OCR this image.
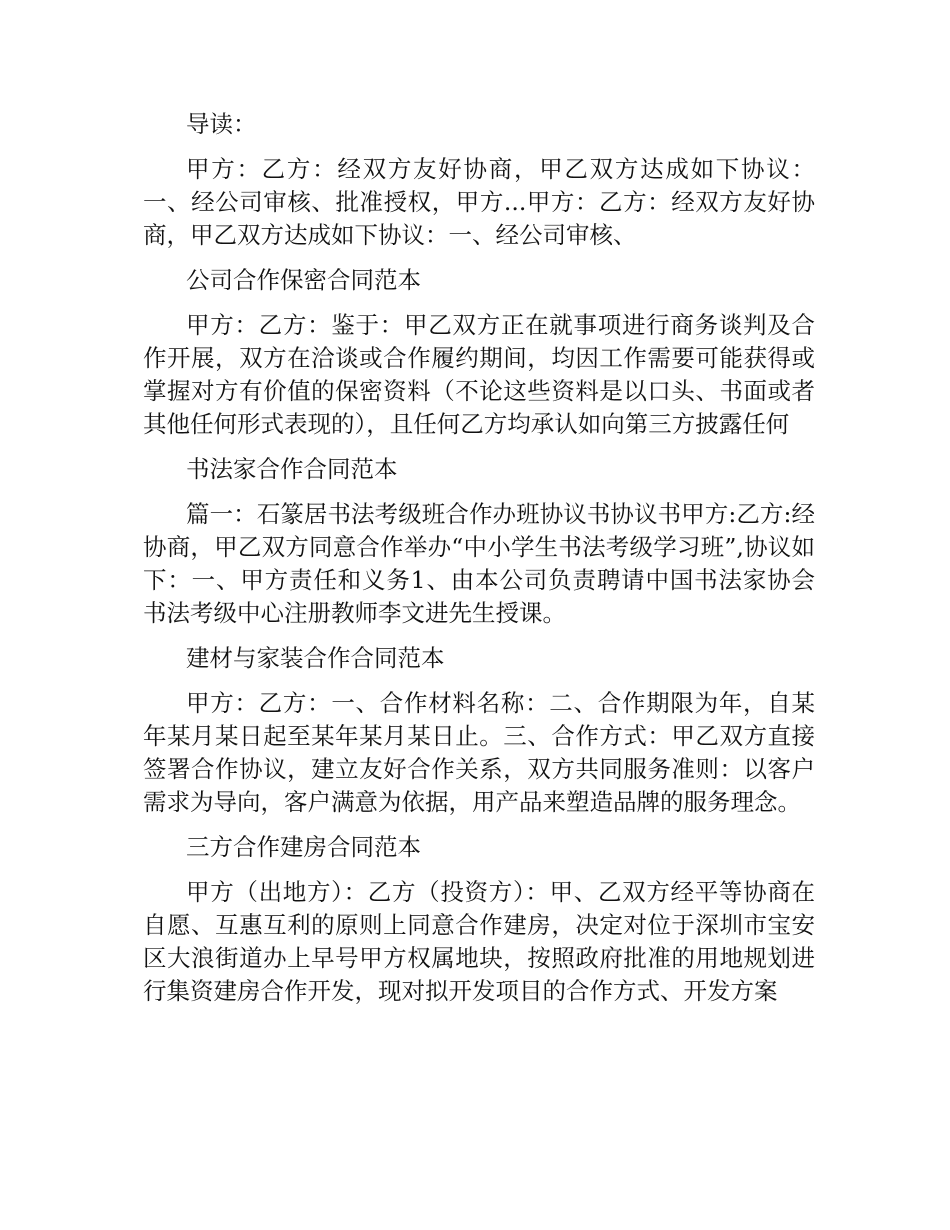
导读：

甲方：乙方：经双方友好协商，甲乙双方达成如下协议：一、经公司审核、批准授权，甲方...甲方：乙方：经双方友好协商，甲乙双方达成如下协议：一、经公司审核、

公司合作保密合同范本

甲方：乙方：鉴于：甲乙双方正在就事项进行商务谈判及合作开展，双方在洽谈或合作履约期间，均因工作需要可能获得或掌握对方有价值的保密资料（不论这些资料是以口头、书面或者其他任何形式表现的），且任何乙方均承认如向第三方披露任何

书法家合作合同范本

篇一：石篆居书法考级班合作办班协议书协议书甲方:乙方:经协商，甲乙双方同意合作举办“中小学生书法考级学习班”,协议如下：一、甲方责任和义务1、由本公司负责聘请中国书法家协会书法考级中心注册教师李文进先生授课。

建材与家装合作合同范本

甲方：乙方：一、合作材料名称：二、合作期限为年，自某年某月某日起至某年某月某日止。三、合作方式：甲乙双方直接签署合作协议，建立友好合作关系，双方共同服务准则：以客户需求为导向，客户满意为依据，用产品来塑造品牌的服务理念。

三方合作建房合同范本

甲方（出地方）：乙方（投资方）：甲、乙双方经平等协商在自愿、互惠互利的原则上同意合作建房，决定对位于深圳市宝安区大浪街道办上早号甲方权属地块，按照政府批准的用地规划进行集资建房合作开发，现对拟开发项目的合作方式、开发方案
